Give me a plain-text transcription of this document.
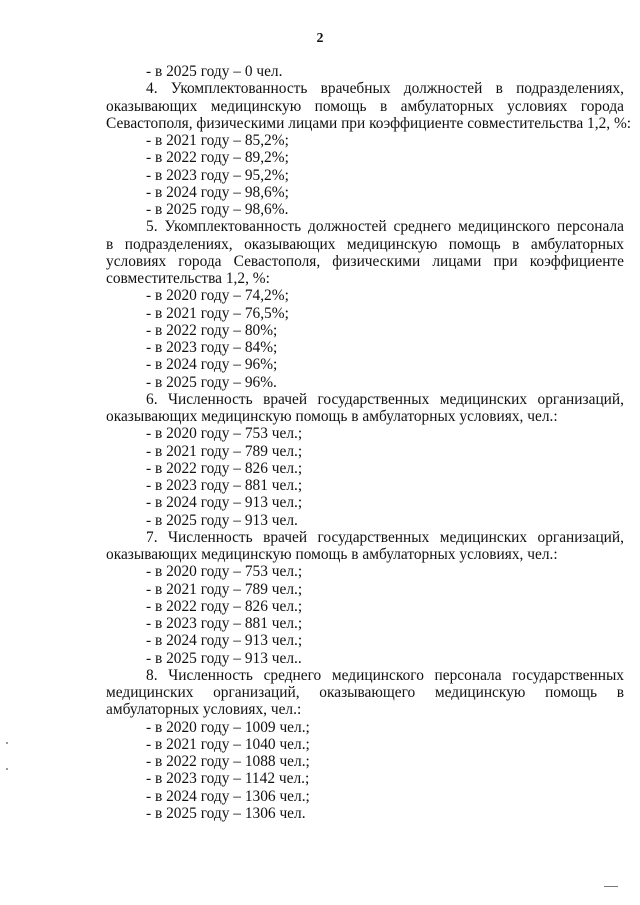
2
- в 2025 году – 0 чел.
4. Укомплектованность врачебных должностей в подразделениях,
оказывающих медицинскую помощь в амбулаторных условиях города
Севастополя, физическими лицами при коэффициенте совместительства 1,2, %:
- в 2021 году – 85,2%;
- в 2022 году – 89,2%;
- в 2023 году – 95,2%;
- в 2024 году – 98,6%;
- в 2025 году – 98,6%.
5. Укомплектованность должностей среднего медицинского персонала
в подразделениях, оказывающих медицинскую помощь в амбулаторных
условиях города Севастополя, физическими лицами при коэффициенте
совместительства 1,2, %:
- в 2020 году – 74,2%;
- в 2021 году – 76,5%;
- в 2022 году – 80%;
- в 2023 году – 84%;
- в 2024 году – 96%;
- в 2025 году – 96%.
6. Численность врачей государственных медицинских организаций,
оказывающих медицинскую помощь в амбулаторных условиях, чел.:
- в 2020 году – 753 чел.;
- в 2021 году – 789 чел.;
- в 2022 году – 826 чел.;
- в 2023 году – 881 чел.;
- в 2024 году – 913 чел.;
- в 2025 году – 913 чел.
7. Численность врачей государственных медицинских организаций,
оказывающих медицинскую помощь в амбулаторных условиях, чел.:
- в 2020 году – 753 чел.;
- в 2021 году – 789 чел.;
- в 2022 году – 826 чел.;
- в 2023 году – 881 чел.;
- в 2024 году – 913 чел.;
- в 2025 году – 913 чел..
8. Численность среднего медицинского персонала государственных
медицинских организаций, оказывающего медицинскую помощь в
амбулаторных условиях, чел.:
- в 2020 году – 1009 чел.;
- в 2021 году – 1040 чел.;
- в 2022 году – 1088 чел.;
- в 2023 году – 1142 чел.;
- в 2024 году – 1306 чел.;
- в 2025 году – 1306 чел.
